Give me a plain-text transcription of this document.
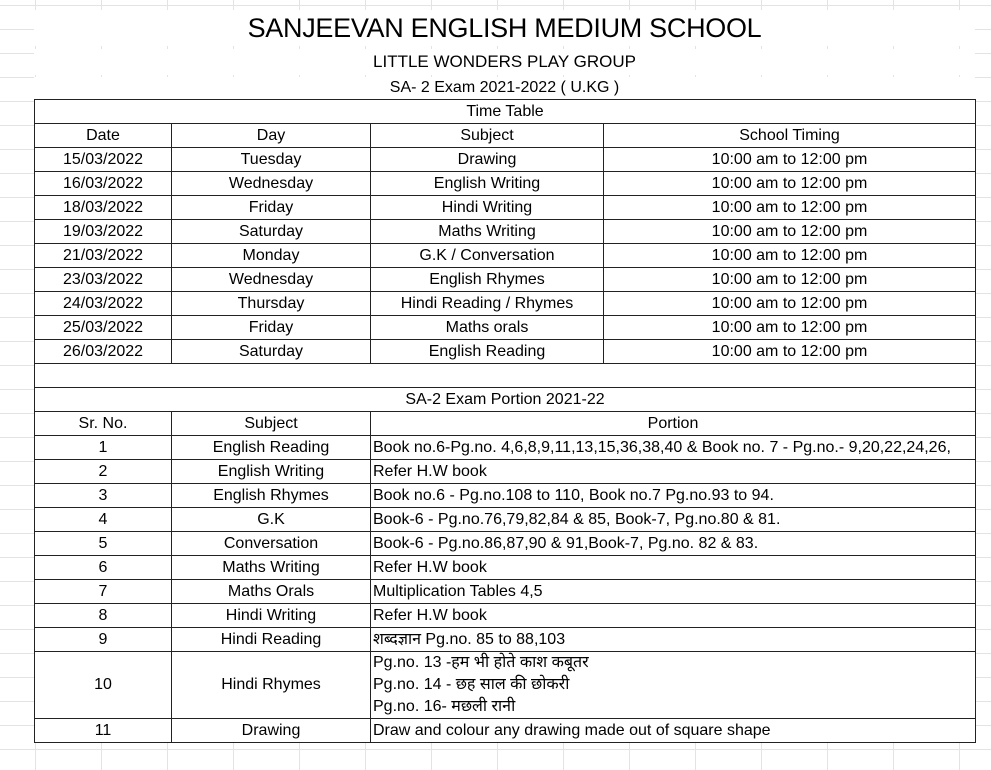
SANJEEVAN ENGLISH MEDIUM SCHOOL
LITTLE WONDERS PLAY GROUP
SA- 2 Exam 2021-2022 ( U.KG )
Time Table			
Date	Day	Subject	School Timing
15/03/2022	Tuesday	Drawing	10:00 am to 12:00 pm
16/03/2022	Wednesday	English Writing	10:00 am to 12:00 pm
18/03/2022	Friday	Hindi Writing	10:00 am to 12:00 pm
19/03/2022	Saturday	Maths Writing	10:00 am to 12:00 pm
21/03/2022	Monday	G.K / Conversation	10:00 am to 12:00 pm
23/03/2022	Wednesday	English Rhymes	10:00 am to 12:00 pm
24/03/2022	Thursday	Hindi Reading / Rhymes	10:00 am to 12:00 pm
25/03/2022	Friday	Maths orals	10:00 am to 12:00 pm
26/03/2022	Saturday	English Reading	10:00 am to 12:00 pm

SA-2 Exam Portion 2021-22			
Sr. No.	Subject	Portion	
1	English Reading	Book no.6-Pg.no. 4,6,8,9,11,13,15,36,38,40 & Book no. 7 - Pg.no.- 9,20,22,24,26,	

2	English Writing	Refer H.W book	

3	English Rhymes	Book no.6 - Pg.no.108 to 110, Book no.7 Pg.no.93 to 94.	

4	G.K	Book-6 - Pg.no.76,79,82,84 & 85, Book-7, Pg.no.80 & 81.	

5	Conversation	Book-6 - Pg.no.86,87,90 & 91,Book-7, Pg.no. 82 & 83.	

6	Maths Writing	Refer H.W book	

7	Maths Orals	Multiplication Tables 4,5	

8	Hindi Writing	Refer H.W book	

9	Hindi Reading	शब्दज्ञान Pg.no. 85 to 88,103	

10	Hindi Rhymes	Pg.no. 13 -हम भी होते काश कबूतर
Pg.no. 14 - छह साल की छोकरी
Pg.no. 16- मछली रानी	

11	Drawing	Draw and colour any drawing made out of square shape	
